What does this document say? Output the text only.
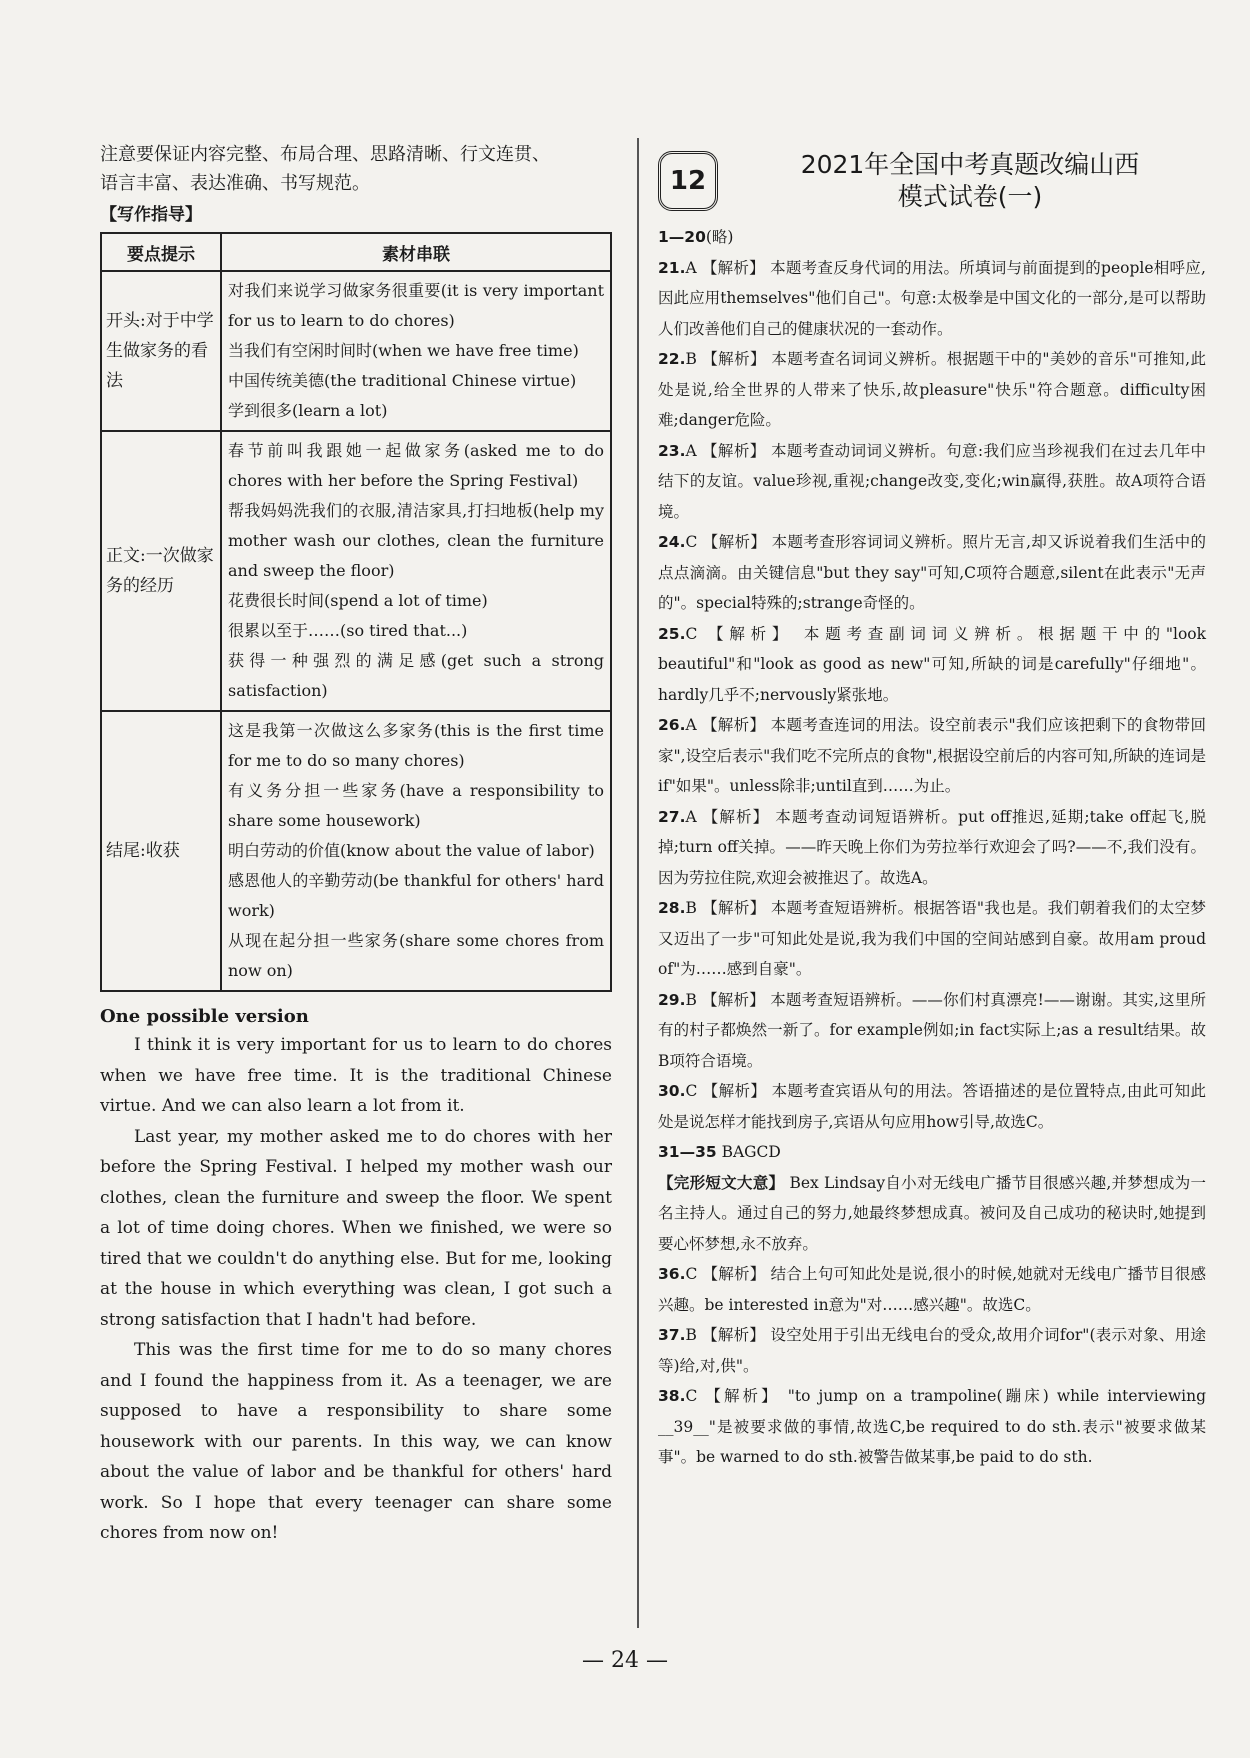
注意要保证内容完整、布局合理、思路清晰、行文连贯、

语言丰富、表达准确、书写规范。

【写作指导】

要点提示	素材串联
开头:对于中学生做家务的看法	对我们来说学习做家务很重要(it is very important for us to learn to do chores)
当我们有空闲时间时(when we have free time)
中国传统美德(the traditional Chinese virtue)
学到很多(learn a lot)

正文:一次做家务的经历	春节前叫我跟她一起做家务(asked me to do chores with her before the Spring Festival)
帮我妈妈洗我们的衣服,清洁家具,打扫地板(help my mother wash our clothes, clean the furniture and sweep the floor)
花费很长时间(spend a lot of time)
很累以至于……(so tired that...)
获得一种强烈的满足感(get such a strong satisfaction)

结尾:收获	这是我第一次做这么多家务(this is the first time for me to do so many chores)
有义务分担一些家务(have a responsibility to share some housework)
明白劳动的价值(know about the value of labor)
感恩他人的辛勤劳动(be thankful for others' hard work)
从现在起分担一些家务(share some chores from now on)

One possible version

I think it is very important for us to learn to do chores when we have free time. It is the traditional Chinese virtue. And we can also learn a lot from it.

Last year, my mother asked me to do chores with her before the Spring Festival. I helped my mother wash our clothes, clean the furniture and sweep the floor. We spent a lot of time doing chores. When we finished, we were so tired that we couldn't do anything else. But for me, looking at the house in which everything was clean, I got such a strong satisfaction that I hadn't had before.

This was the first time for me to do so many chores and I found the happiness from it. As a teenager, we are supposed to have a responsibility to share some housework with our parents. In this way, we can know about the value of labor and be thankful for others' hard work. So I hope that every teenager can share some chores from now on!

12
2021年全国中考真题改编山西
模式试卷(一)

1—20(略)

21.A 【解析】 本题考查反身代词的用法。所填词与前面提到的people相呼应,因此应用themselves"他们自己"。句意:太极拳是中国文化的一部分,是可以帮助人们改善他们自己的健康状况的一套动作。

22.B 【解析】 本题考查名词词义辨析。根据题干中的"美妙的音乐"可推知,此处是说,给全世界的人带来了快乐,故pleasure"快乐"符合题意。difficulty困难;danger危险。

23.A 【解析】 本题考查动词词义辨析。句意:我们应当珍视我们在过去几年中结下的友谊。value珍视,重视;change改变,变化;win赢得,获胜。故A项符合语境。

24.C 【解析】 本题考查形容词词义辨析。照片无言,却又诉说着我们生活中的点点滴滴。由关键信息"but they say"可知,C项符合题意,silent在此表示"无声的"。special特殊的;strange奇怪的。

25.C 【解析】 本题考查副词词义辨析。根据题干中的"look beautiful"和"look as good as new"可知,所缺的词是carefully"仔细地"。hardly几乎不;nervously紧张地。

26.A 【解析】 本题考查连词的用法。设空前表示"我们应该把剩下的食物带回家",设空后表示"我们吃不完所点的食物",根据设空前后的内容可知,所缺的连词是if"如果"。unless除非;until直到……为止。

27.A 【解析】 本题考查动词短语辨析。put off推迟,延期;take off起飞,脱掉;turn off关掉。——昨天晚上你们为劳拉举行欢迎会了吗?——不,我们没有。因为劳拉住院,欢迎会被推迟了。故选A。

28.B 【解析】 本题考查短语辨析。根据答语"我也是。我们朝着我们的太空梦又迈出了一步"可知此处是说,我为我们中国的空间站感到自豪。故用am proud of"为……感到自豪"。

29.B 【解析】 本题考查短语辨析。——你们村真漂亮!——谢谢。其实,这里所有的村子都焕然一新了。for example例如;in fact实际上;as a result结果。故B项符合语境。

30.C 【解析】 本题考查宾语从句的用法。答语描述的是位置特点,由此可知此处是说怎样才能找到房子,宾语从句应用how引导,故选C。

31—35 BAGCD

【完形短文大意】 Bex Lindsay自小对无线电广播节目很感兴趣,并梦想成为一名主持人。通过自己的努力,她最终梦想成真。被问及自己成功的秘诀时,她提到要心怀梦想,永不放弃。

36.C 【解析】 结合上句可知此处是说,很小的时候,她就对无线电广播节目很感兴趣。be interested in意为"对……感兴趣"。故选C。

37.B 【解析】 设空处用于引出无线电台的受众,故用介词for"(表示对象、用途等)给,对,供"。

38.C 【解析】 "to jump on a trampoline(蹦床) while interviewing __39__"是被要求做的事情,故选C,be required to do sth.表示"被要求做某事"。be warned to do sth.被警告做某事,be paid to do sth.

— 24 —
